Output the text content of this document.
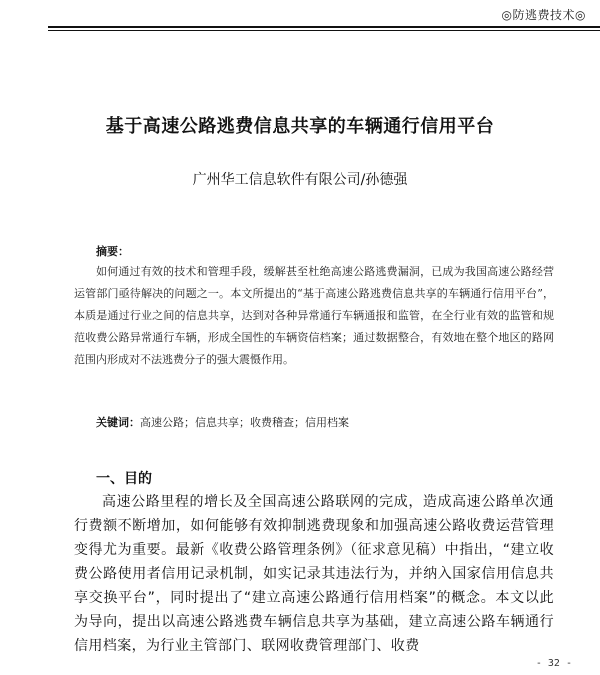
◎防逃费技术◎
基于高速公路逃费信息共享的车辆通行信用平台
广州华工信息软件有限公司/孙德强
摘要：
如何通过有效的技术和管理手段，缓解甚至杜绝高速公路逃费漏洞，已成为我国高速公路经营运管部门亟待解决的问题之一。本文所提出的“基于高速公路逃费信息共享的车辆通行信用平台”，本质是通过行业之间的信息共享，达到对各种异常通行车辆通报和监管，在全行业有效的监管和规范收费公路异常通行车辆，形成全国性的车辆资信档案；通过数据整合，有效地在整个地区的路网范围内形成对不法逃费分子的强大震慑作用。
关键词：高速公路；信息共享；收费稽查；信用档案
一、目的
高速公路里程的增长及全国高速公路联网的完成，造成高速公路单次通行费额不断增加，如何能够有效抑制逃费现象和加强高速公路收费运营管理变得尤为重要。最新《收费公路管理条例》（征求意见稿）中指出，“建立收费公路使用者信用记录机制，如实记录其违法行为，并纳入国家信用信息共享交换平台”，同时提出了“建立高速公路通行信用档案”的概念。本文以此为导向，提出以高速公路逃费车辆信息共享为基础，建立高速公路车辆通行信用档案，为行业主管部门、联网收费管理部门、收费
- 32 -
